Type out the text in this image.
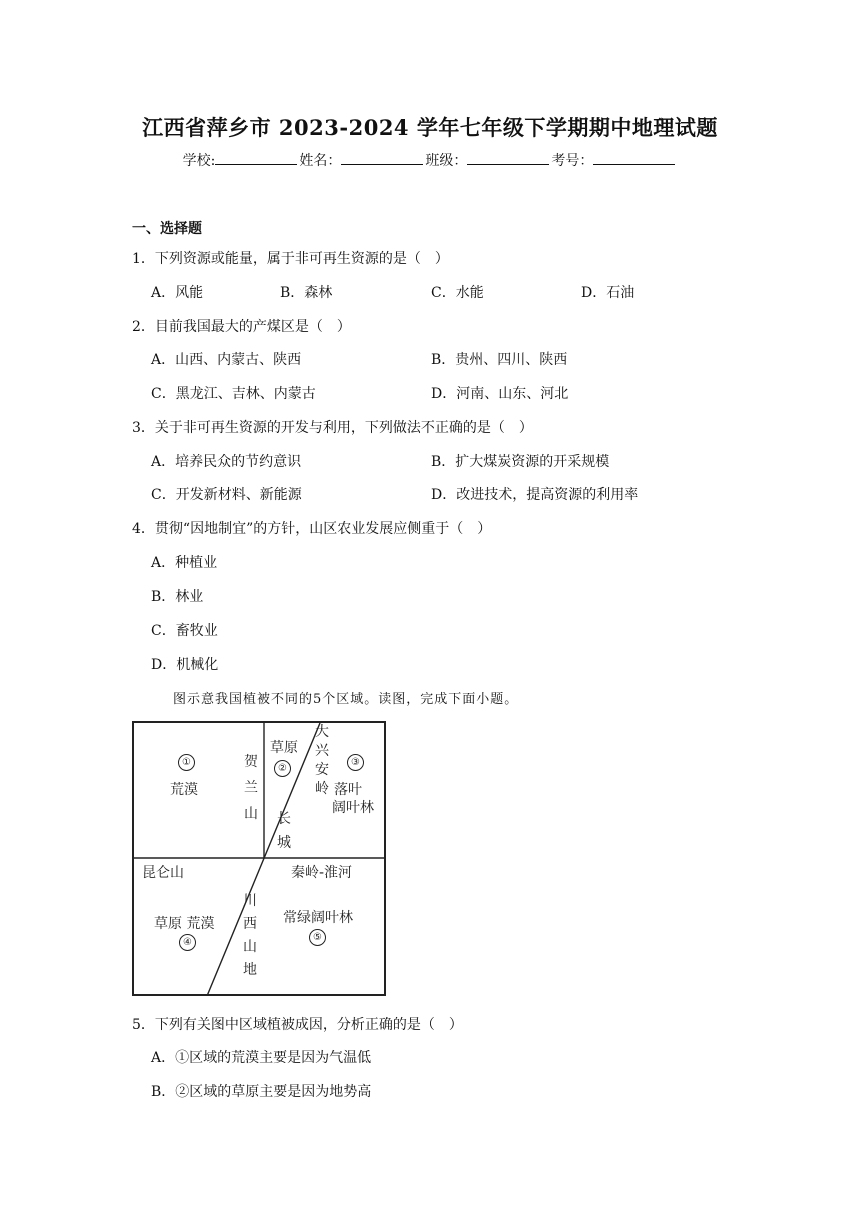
江西省萍乡市 2023-2024 学年七年级下学期期中地理试题
学校:	姓名：	班级：	考号：
一、选择题
1．下列资源或能量，属于非可再生资源的是（　）
A．风能	B．森林	C．水能	D．石油
2．目前我国最大的产煤区是（　）
A．山西、内蒙古、陕西	B．贵州、四川、陕西
C．黑龙江、吉林、内蒙古	D．河南、山东、河北
3．关于非可再生资源的开发与利用，下列做法不正确的是（　）
A．培养民众的节约意识	B．扩大煤炭资源的开采规模
C．开发新材料、新能源	D．改进技术，提高资源的利用率
4．贯彻“因地制宜”的方针，山区农业发展应侧重于（　）
A．种植业
B．林业
C．畜牧业
D．机械化
图示意我国植被不同的5个区域。读图，完成下面小题。
①
荒漠
贺
兰
山
草原
②
大
兴
安
岭
长
城
③
落叶
阔叶林
昆仑山	秦岭-淮河
草原 荒漠
④
川
西
山
地
常绿阔叶林
⑤
5．下列有关图中区域植被成因，分析正确的是（　）
A．①区域的荒漠主要是因为气温低
B．②区域的草原主要是因为地势高
